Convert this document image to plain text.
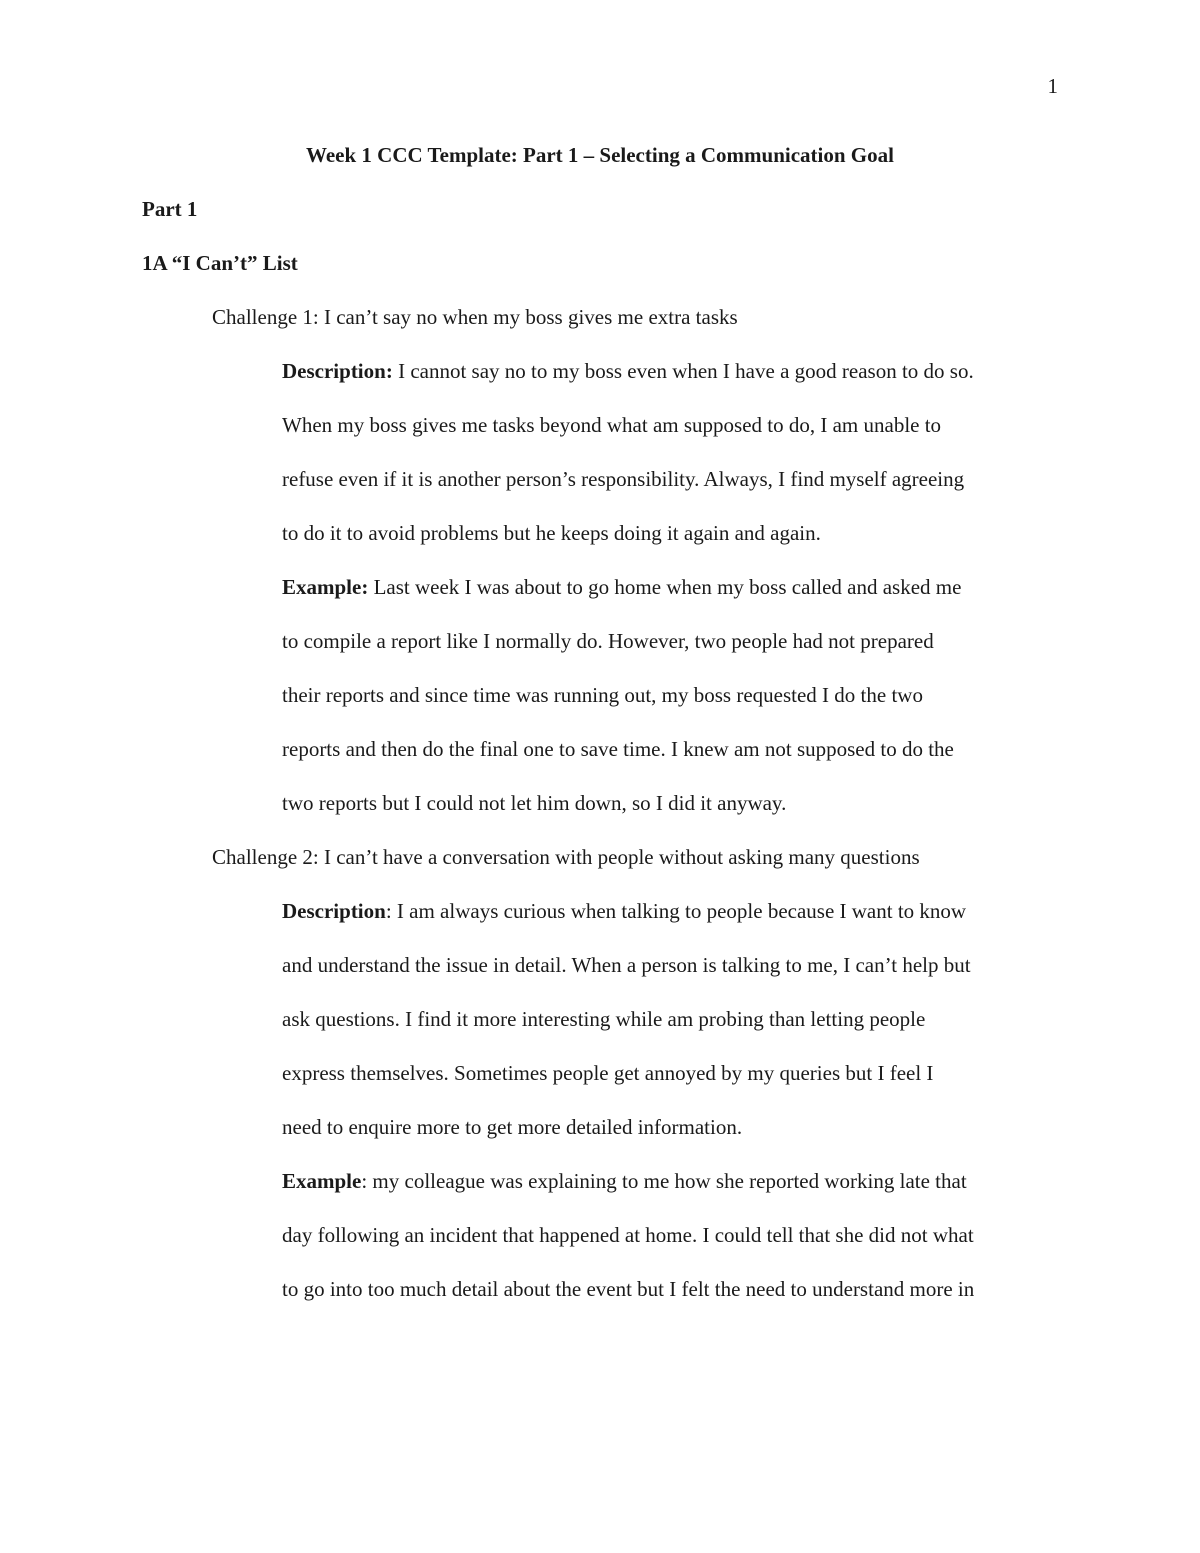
1
Week 1 CCC Template: Part 1 – Selecting a Communication Goal
Part 1
1A “I Can’t” List
Challenge 1: I can’t say no when my boss gives me extra tasks
Description: I cannot say no to my boss even when I have a good reason to do so.
When my boss gives me tasks beyond what am supposed to do, I am unable to
refuse even if it is another person’s responsibility. Always, I find myself agreeing
to do it to avoid problems but he keeps doing it again and again.
Example: Last week I was about to go home when my boss called and asked me
to compile a report like I normally do. However, two people had not prepared
their reports and since time was running out, my boss requested I do the two
reports and then do the final one to save time. I knew am not supposed to do the
two reports but I could not let him down, so I did it anyway.
Challenge 2: I can’t have a conversation with people without asking many questions
Description: I am always curious when talking to people because I want to know
and understand the issue in detail. When a person is talking to me, I can’t help but
ask questions. I find it more interesting while am probing than letting people
express themselves. Sometimes people get annoyed by my queries but I feel I
need to enquire more to get more detailed information.
Example: my colleague was explaining to me how she reported working late that
day following an incident that happened at home. I could tell that she did not what
to go into too much detail about the event but I felt the need to understand more in
